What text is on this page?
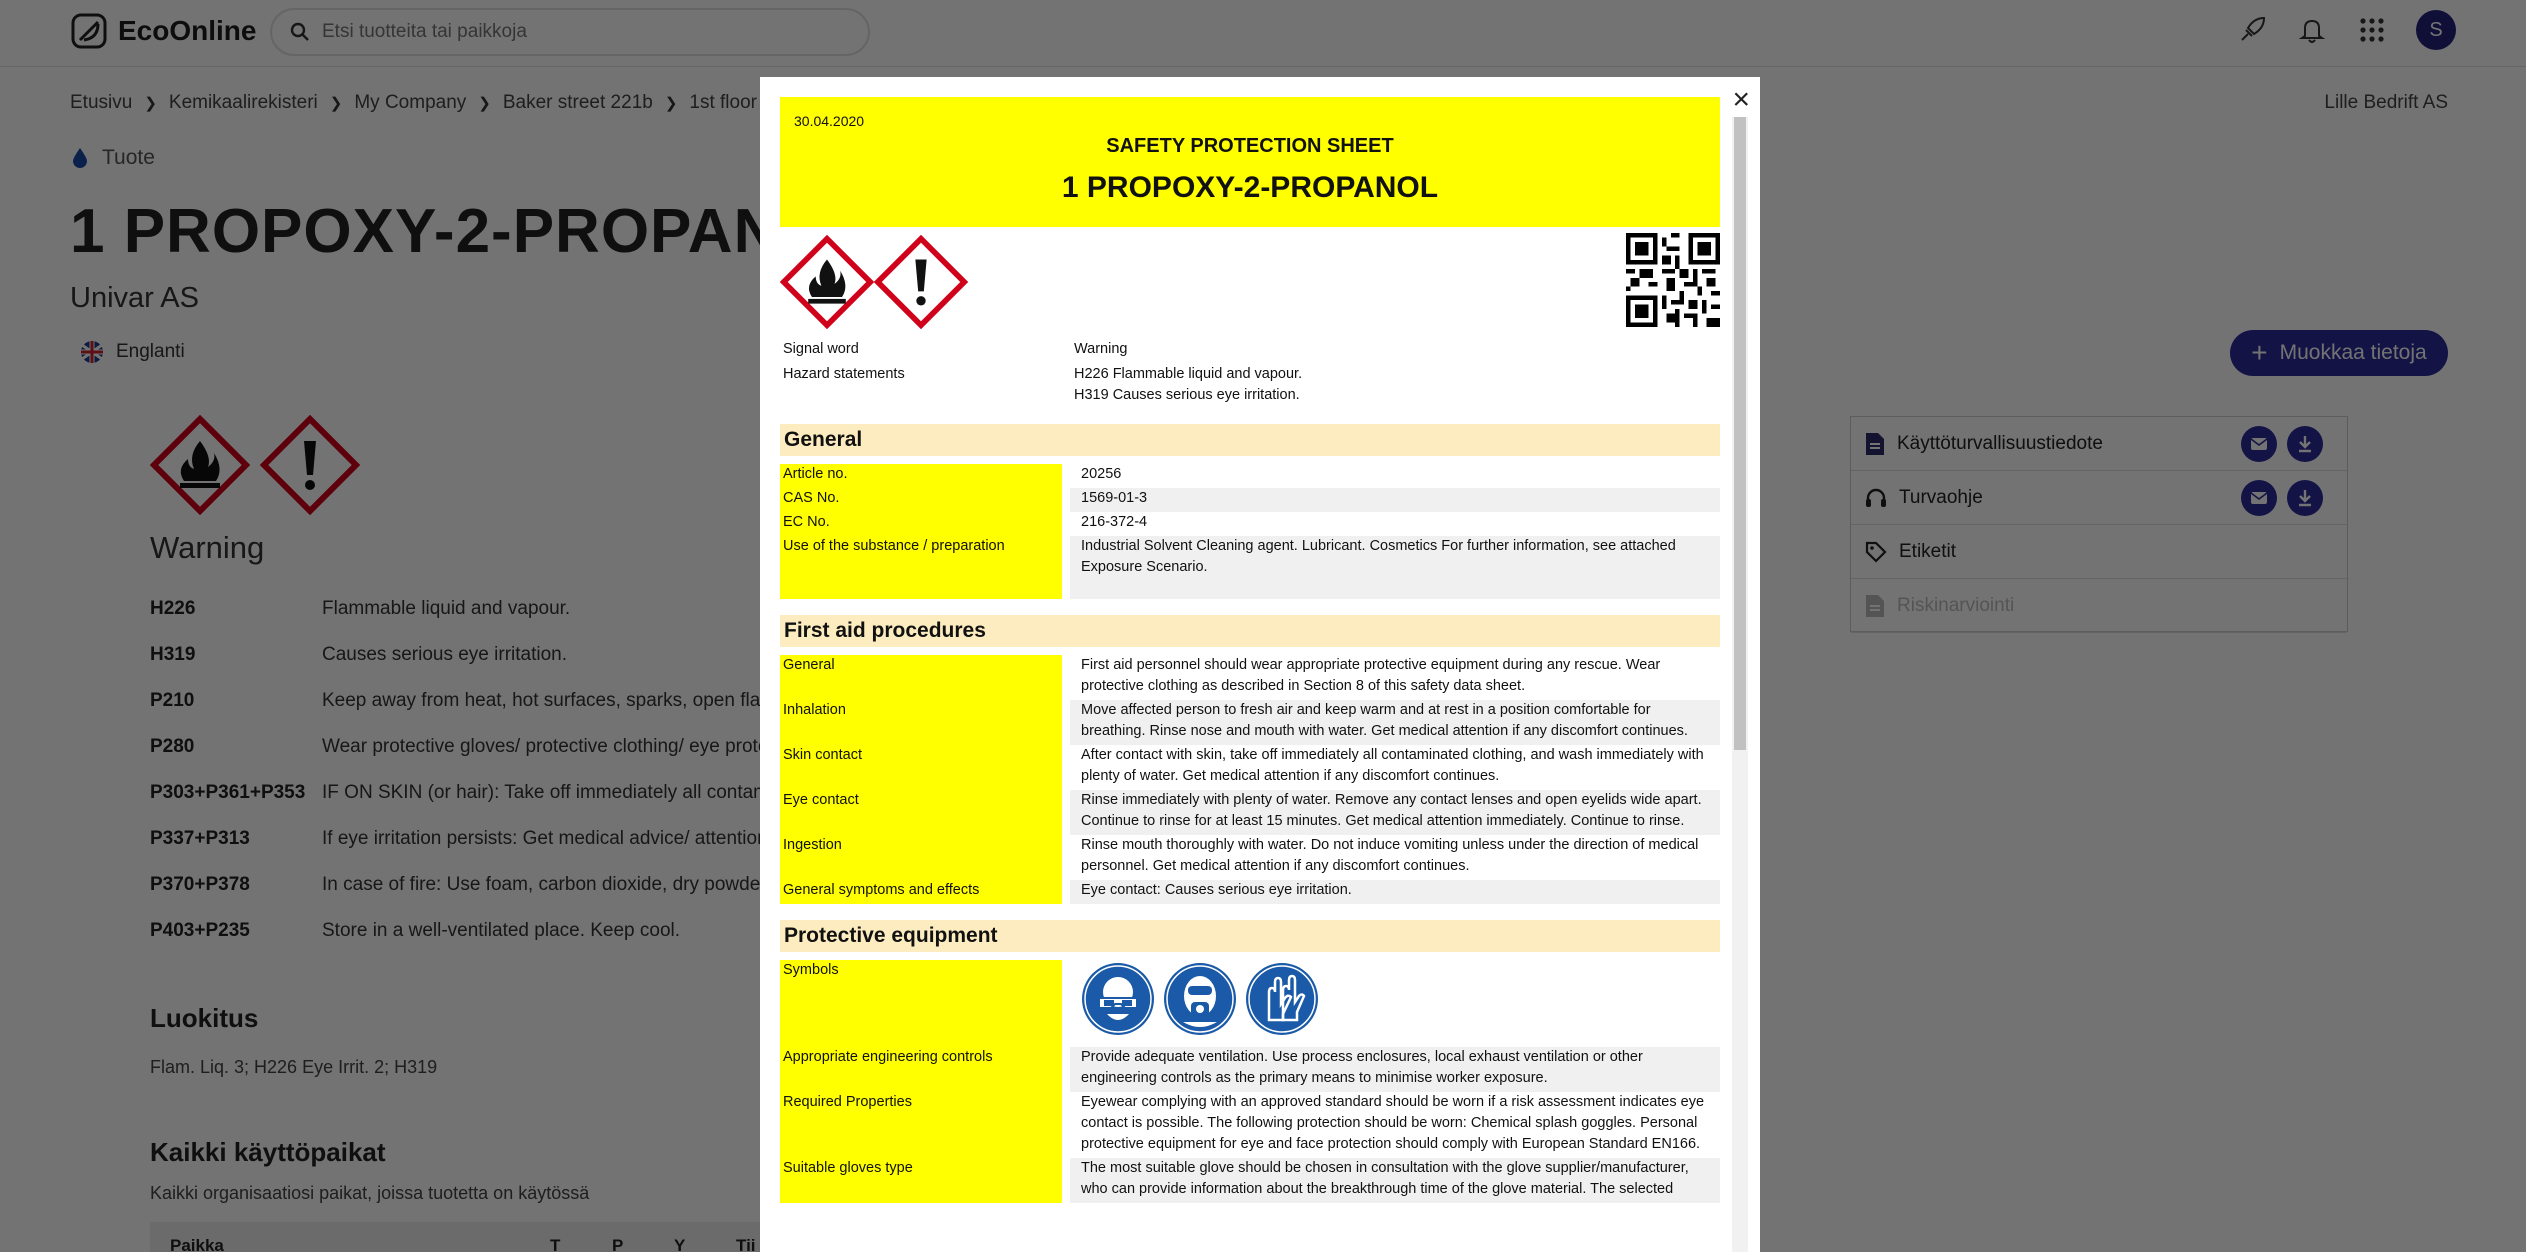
Etsi tuotteita tai paikkoja
×
30.04.2020
SAFETY PROTECTION SHEET
1 PROPOXY-2-PROPANOL
Signal word	Warning
Hazard statements	H226 Flammable liquid and vapour.
H319 Causes serious eye irritation.
General
Article no.	20256
CAS No.	1569-01-3
EC No.	216-372-4
Use of the substance / preparation	Industrial Solvent Cleaning agent. Lubricant. Cosmetics For further information, see attached Exposure Scenario.
First aid procedures
General	First aid personnel should wear appropriate protective equipment during any rescue. Wear protective clothing as described in Section 8 of this safety data sheet.
Inhalation	Move affected person to fresh air and keep warm and at rest in a position comfortable for breathing. Rinse nose and mouth with water. Get medical attention if any discomfort continues.
Skin contact	After contact with skin, take off immediately all contaminated clothing, and wash immediately with plenty of water. Get medical attention if any discomfort continues.
Eye contact	Rinse immediately with plenty of water. Remove any contact lenses and open eyelids wide apart. Continue to rinse for at least 15 minutes. Get medical attention immediately. Continue to rinse.
Ingestion	Rinse mouth thoroughly with water. Do not induce vomiting unless under the direction of medical personnel. Get medical attention if any discomfort continues.
General symptoms and effects	Eye contact: Causes serious eye irritation.
Protective equipment
Symbols
Appropriate engineering controls	Provide adequate ventilation. Use process enclosures, local exhaust ventilation or other engineering controls as the primary means to minimise worker exposure.
Required Properties	Eyewear complying with an approved standard should be worn if a risk assessment indicates eye contact is possible. The following protection should be worn: Chemical splash goggles. Personal protective equipment for eye and face protection should comply with European Standard EN166.
Suitable gloves type	The most suitable glove should be chosen in consultation with the glove supplier/manufacturer, who can provide information about the breakthrough time of the glove material. The selected
